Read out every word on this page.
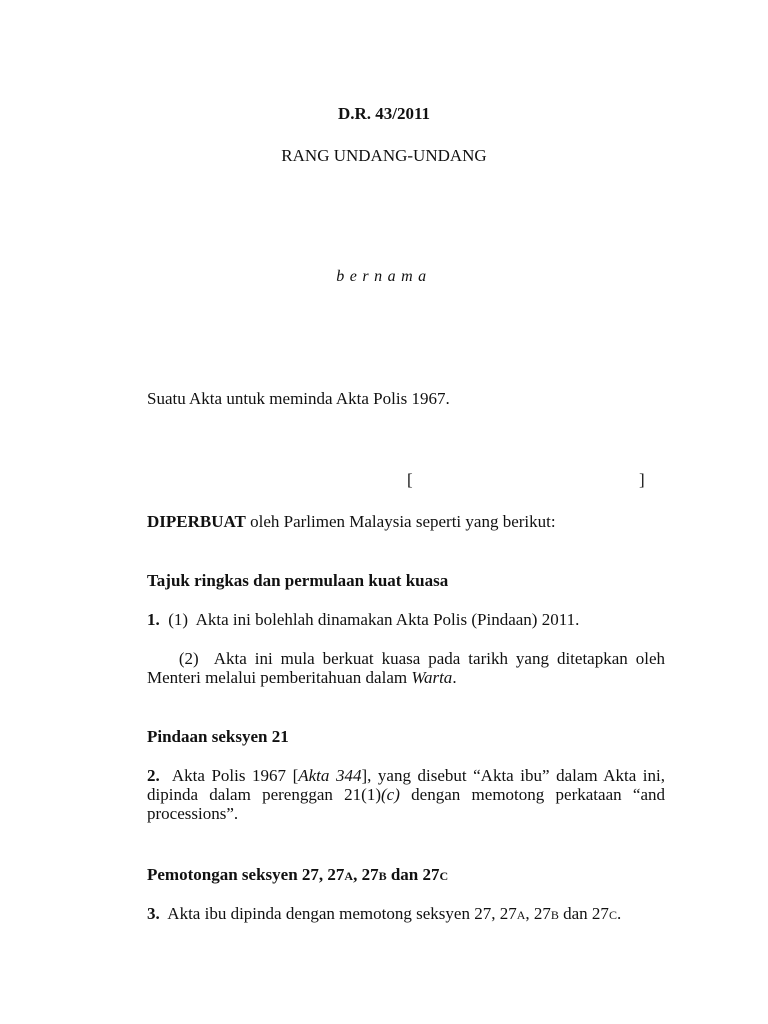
D.R. 43/2011
RANG UNDANG-UNDANG
bernama
Suatu Akta untuk meminda Akta Polis 1967.
[	]
DIPERBUAT oleh Parlimen Malaysia seperti yang berikut:
Tajuk ringkas dan permulaan kuat kuasa
1.  (1)  Akta ini bolehlah dinamakan Akta Polis (Pindaan) 2011.
(2)  Akta ini mula berkuat kuasa pada tarikh yang ditetapkan oleh Menteri melalui pemberitahuan dalam Warta.
Pindaan seksyen 21
2.  Akta Polis 1967 [Akta 344], yang disebut “Akta ibu” dalam Akta ini, dipinda dalam perenggan 21(1)(c) dengan memotong perkataan “and processions”.
Pemotongan seksyen 27, 27a, 27b dan 27c
3.  Akta ibu dipinda dengan memotong seksyen 27, 27a, 27b dan 27c.
